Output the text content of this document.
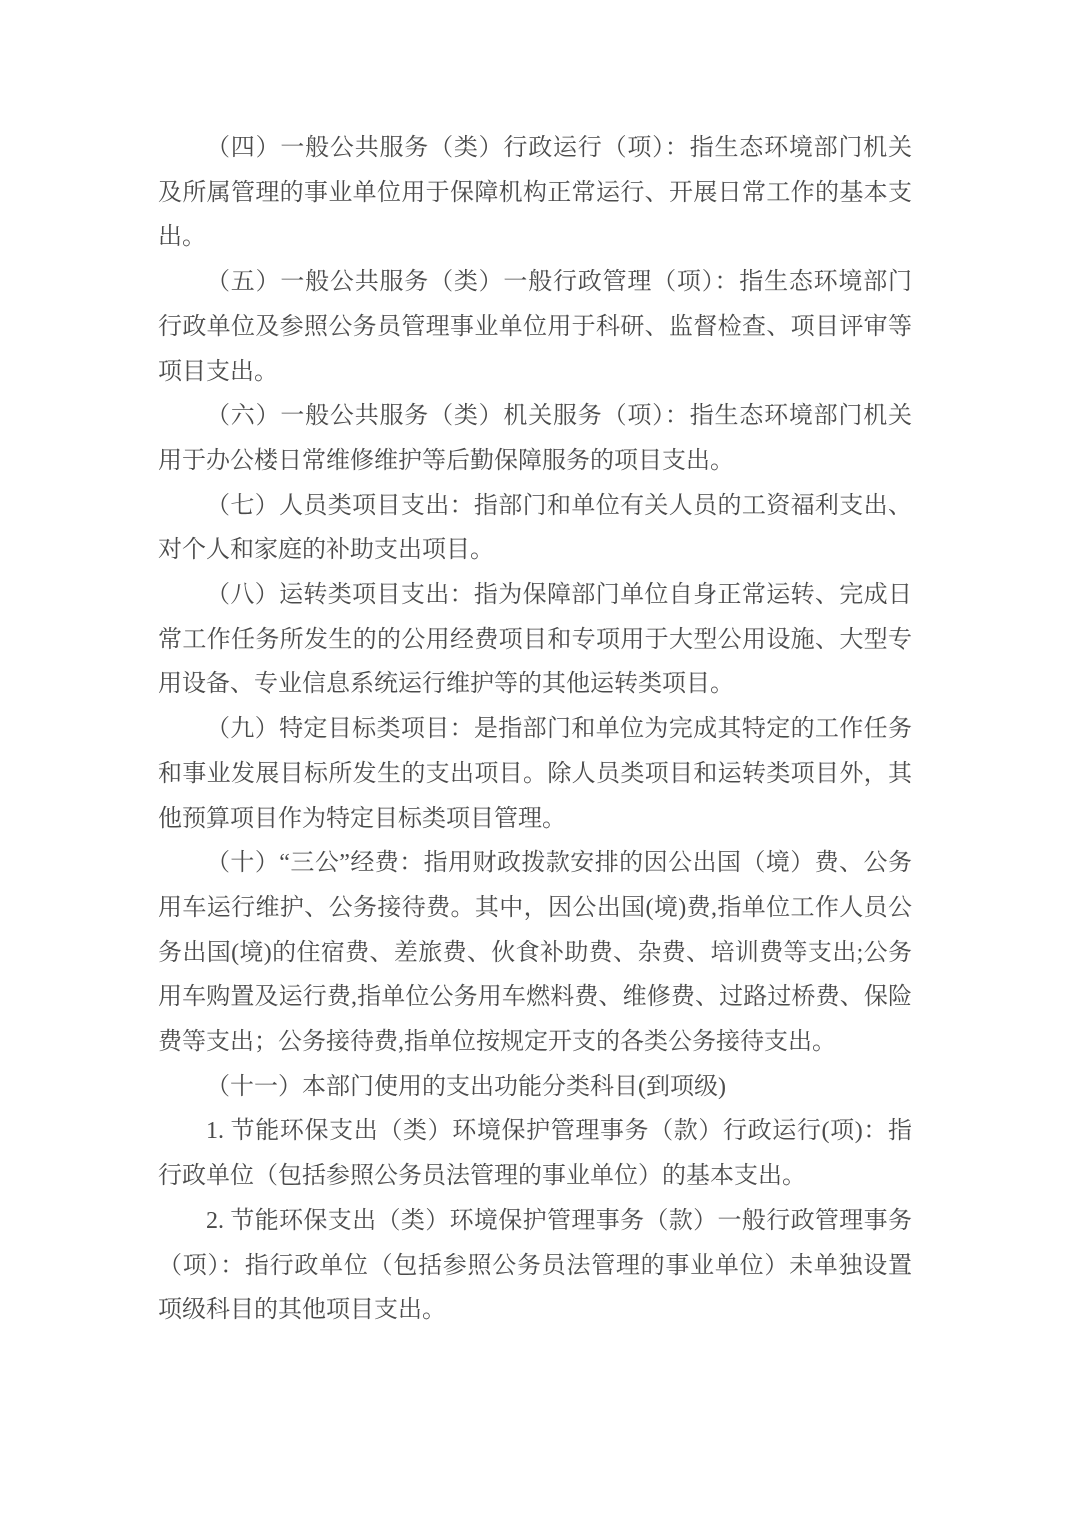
（四）一般公共服务（类）行政运行（项）：指生态环境部门机关及所属管理的事业单位用于保障机构正常运行、开展日常工作的基本支出。

（五）一般公共服务（类）一般行政管理（项）：指生态环境部门行政单位及参照公务员管理事业单位用于科研、监督检查、项目评审等项目支出。

（六）一般公共服务（类）机关服务（项）：指生态环境部门机关用于办公楼日常维修维护等后勤保障服务的项目支出。

（七）人员类项目支出：指部门和单位有关人员的工资福利支出、对个人和家庭的补助支出项目。

（八）运转类项目支出：指为保障部门单位自身正常运转、完成日常工作任务所发生的的公用经费项目和专项用于大型公用设施、大型专用设备、专业信息系统运行维护等的其他运转类项目。

（九）特定目标类项目：是指部门和单位为完成其特定的工作任务和事业发展目标所发生的支出项目。除人员类项目和运转类项目外，其他预算项目作为特定目标类项目管理。

（十）“三公”经费：指用财政拨款安排的因公出国（境）费、公务用车运行维护、公务接待费。其中，因公出国(境)费,指单位工作人员公务出国(境)的住宿费、差旅费、伙食补助费、杂费、培训费等支出;公务用车购置及运行费,指单位公务用车燃料费、维修费、过路过桥费、保险费等支出；公务接待费,指单位按规定开支的各类公务接待支出。

（十一）本部门使用的支出功能分类科目(到项级)

1. 节能环保支出（类）环境保护管理事务（款）行政运行(项)：指行政单位（包括参照公务员法管理的事业单位）的基本支出。

2. 节能环保支出（类）环境保护管理事务（款）一般行政管理事务（项）：指行政单位（包括参照公务员法管理的事业单位）未单独设置项级科目的其他项目支出。
